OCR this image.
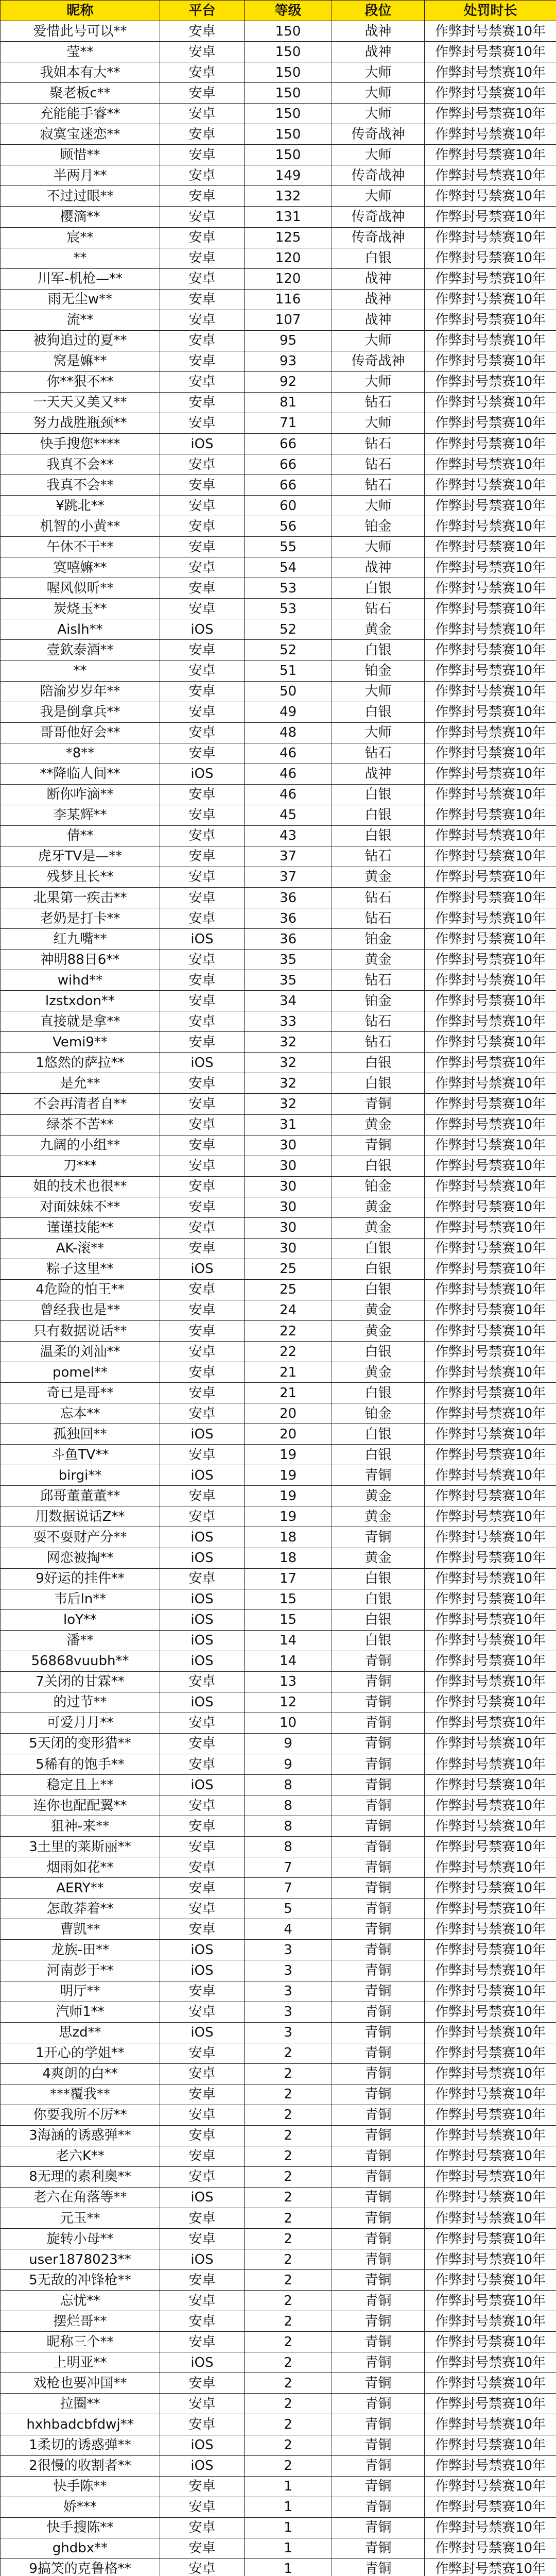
昵称	平台	等级	段位	处罚时长
爱惜此号可以**	安卓	150	战神	作弊封号禁赛10年
莹**	安卓	150	战神	作弊封号禁赛10年
我姐本有大**	安卓	150	大师	作弊封号禁赛10年
聚老板c**	安卓	150	大师	作弊封号禁赛10年
充能能手睿**	安卓	150	大师	作弊封号禁赛10年
寂寞宝迷恋**	安卓	150	传奇战神	作弊封号禁赛10年
顾惜**	安卓	150	大师	作弊封号禁赛10年
半两月**	安卓	149	传奇战神	作弊封号禁赛10年
不过过眼**	安卓	132	大师	作弊封号禁赛10年
樱滴**	安卓	131	传奇战神	作弊封号禁赛10年
宸**	安卓	125	传奇战神	作弊封号禁赛10年
**	安卓	120	白银	作弊封号禁赛10年
川军-机枪—**	安卓	120	战神	作弊封号禁赛10年
雨无尘w**	安卓	116	战神	作弊封号禁赛10年
流**	安卓	107	战神	作弊封号禁赛10年
被狗追过的夏**	安卓	95	大师	作弊封号禁赛10年
窝是嫲**	安卓	93	传奇战神	作弊封号禁赛10年
你**狠不**	安卓	92	大师	作弊封号禁赛10年
一天天又美又**	安卓	81	钻石	作弊封号禁赛10年
努力战胜瓶颈**	安卓	71	大师	作弊封号禁赛10年
快手搜您****	iOS	66	钻石	作弊封号禁赛10年
我真不会**	安卓	66	钻石	作弊封号禁赛10年
我真不会**	安卓	66	钻石	作弊封号禁赛10年
¥跳北**	安卓	60	大师	作弊封号禁赛10年
机智的小黄**	安卓	56	铂金	作弊封号禁赛10年
午休不干**	安卓	55	大师	作弊封号禁赛10年
寞嘻嫲**	安卓	54	战神	作弊封号禁赛10年
喔风似昕**	安卓	53	白银	作弊封号禁赛10年
炭烧玉**	安卓	53	钻石	作弊封号禁赛10年
Aislh**	iOS	52	黄金	作弊封号禁赛10年
壹欽泰酒**	安卓	52	白银	作弊封号禁赛10年
**	安卓	51	铂金	作弊封号禁赛10年
陪渝岁岁年**	安卓	50	大师	作弊封号禁赛10年
我是倒拿兵**	安卓	49	白银	作弊封号禁赛10年
哥哥他好会**	安卓	48	大师	作弊封号禁赛10年
*8**	安卓	46	钻石	作弊封号禁赛10年
**降临人间**	iOS	46	战神	作弊封号禁赛10年
断你咋滴**	安卓	46	白银	作弊封号禁赛10年
李某辉**	安卓	45	白银	作弊封号禁赛10年
倩**	安卓	43	白银	作弊封号禁赛10年
虎牙TV是—**	安卓	37	钻石	作弊封号禁赛10年
残梦且长**	安卓	37	黄金	作弊封号禁赛10年
北果第一疾击**	安卓	36	钻石	作弊封号禁赛10年
老奶是打卡**	安卓	36	钻石	作弊封号禁赛10年
红九嘴**	iOS	36	铂金	作弊封号禁赛10年
神明88日6**	安卓	35	黄金	作弊封号禁赛10年
wihd**	安卓	35	钻石	作弊封号禁赛10年
lzstxdon**	安卓	34	铂金	作弊封号禁赛10年
直接就是拿**	安卓	33	钻石	作弊封号禁赛10年
Vemi9**	安卓	32	钻石	作弊封号禁赛10年
1悠然的萨拉**	iOS	32	白银	作弊封号禁赛10年
是允**	安卓	32	白银	作弊封号禁赛10年
不会再清者自**	安卓	32	青铜	作弊封号禁赛10年
绿茶不苦**	安卓	31	黄金	作弊封号禁赛10年
九阔的小组**	安卓	30	青铜	作弊封号禁赛10年
刀***	安卓	30	白银	作弊封号禁赛10年
姐的技术也很**	安卓	30	铂金	作弊封号禁赛10年
对面妹妹不**	安卓	30	黄金	作弊封号禁赛10年
谨谨技能**	安卓	30	黄金	作弊封号禁赛10年
AK-滚**	安卓	30	白银	作弊封号禁赛10年
粽子这里**	iOS	25	白银	作弊封号禁赛10年
4危险的怕王**	安卓	25	白银	作弊封号禁赛10年
曾经我也是**	安卓	24	黄金	作弊封号禁赛10年
只有数据说话**	安卓	22	黄金	作弊封号禁赛10年
温柔的刘汕**	安卓	22	白银	作弊封号禁赛10年
pomel**	安卓	21	黄金	作弊封号禁赛10年
奇已是哥**	安卓	21	白银	作弊封号禁赛10年
忘本**	安卓	20	铂金	作弊封号禁赛10年
孤独回**	iOS	20	白银	作弊封号禁赛10年
斗鱼TV**	安卓	19	白银	作弊封号禁赛10年
birgi**	iOS	19	青铜	作弊封号禁赛10年
邱哥董董董**	安卓	19	黄金	作弊封号禁赛10年
用数据说话Z**	安卓	19	黄金	作弊封号禁赛10年
耍不耍财产分**	iOS	18	青铜	作弊封号禁赛10年
网恋被掏**	iOS	18	黄金	作弊封号禁赛10年
9好运的挂件**	安卓	17	白银	作弊封号禁赛10年
韦后ln**	iOS	15	白银	作弊封号禁赛10年
loY**	iOS	15	白银	作弊封号禁赛10年
潘**	iOS	14	白银	作弊封号禁赛10年
56868vuubh**	iOS	14	青铜	作弊封号禁赛10年
7关闭的甘霖**	安卓	13	青铜	作弊封号禁赛10年
的过节**	iOS	12	青铜	作弊封号禁赛10年
可爱月月**	安卓	10	青铜	作弊封号禁赛10年
5天闭的变形猎**	安卓	9	青铜	作弊封号禁赛10年
5稀有的饱手**	安卓	9	青铜	作弊封号禁赛10年
稳定且上**	iOS	8	青铜	作弊封号禁赛10年
连你也配配翼**	安卓	8	青铜	作弊封号禁赛10年
狙神-来**	安卓	8	青铜	作弊封号禁赛10年
3土里的莱斯丽**	安卓	8	青铜	作弊封号禁赛10年
烟雨如花**	安卓	7	青铜	作弊封号禁赛10年
AERY**	安卓	7	青铜	作弊封号禁赛10年
怎敢莽着**	安卓	5	青铜	作弊封号禁赛10年
曹凯**	安卓	4	青铜	作弊封号禁赛10年
龙族-田**	iOS	3	青铜	作弊封号禁赛10年
河南彭于**	iOS	3	青铜	作弊封号禁赛10年
明厅**	安卓	3	青铜	作弊封号禁赛10年
汽师1**	安卓	3	青铜	作弊封号禁赛10年
思zd**	iOS	3	青铜	作弊封号禁赛10年
1开心的学姐**	安卓	2	青铜	作弊封号禁赛10年
4爽朗的白**	安卓	2	青铜	作弊封号禁赛10年
***覆我**	安卓	2	青铜	作弊封号禁赛10年
你要我所不厉**	安卓	2	青铜	作弊封号禁赛10年
3海涵的诱惑弹**	安卓	2	青铜	作弊封号禁赛10年
老六K**	安卓	2	青铜	作弊封号禁赛10年
8无理的素利奥**	安卓	2	青铜	作弊封号禁赛10年
老六在角落等**	iOS	2	青铜	作弊封号禁赛10年
元玉**	安卓	2	青铜	作弊封号禁赛10年
旋转小母**	安卓	2	青铜	作弊封号禁赛10年
user1878023**	iOS	2	青铜	作弊封号禁赛10年
5无敌的冲锋枪**	安卓	2	青铜	作弊封号禁赛10年
忘忧**	安卓	2	青铜	作弊封号禁赛10年
摆烂哥**	安卓	2	青铜	作弊封号禁赛10年
昵称三个**	安卓	2	青铜	作弊封号禁赛10年
上明亚**	iOS	2	青铜	作弊封号禁赛10年
戏枪也要冲国**	安卓	2	青铜	作弊封号禁赛10年
拉圈**	安卓	2	青铜	作弊封号禁赛10年
hxhbadcbfdwj**	安卓	2	青铜	作弊封号禁赛10年
1柔切的诱惑弹**	iOS	2	青铜	作弊封号禁赛10年
2很慢的收割者**	iOS	2	青铜	作弊封号禁赛10年
快手陈**	安卓	1	青铜	作弊封号禁赛10年
娇***	安卓	1	青铜	作弊封号禁赛10年
快手搜陈**	安卓	1	青铜	作弊封号禁赛10年
ghdbx**	安卓	1	青铜	作弊封号禁赛10年
9搞笑的克鲁格**	安卓	1	青铜	作弊封号禁赛10年
